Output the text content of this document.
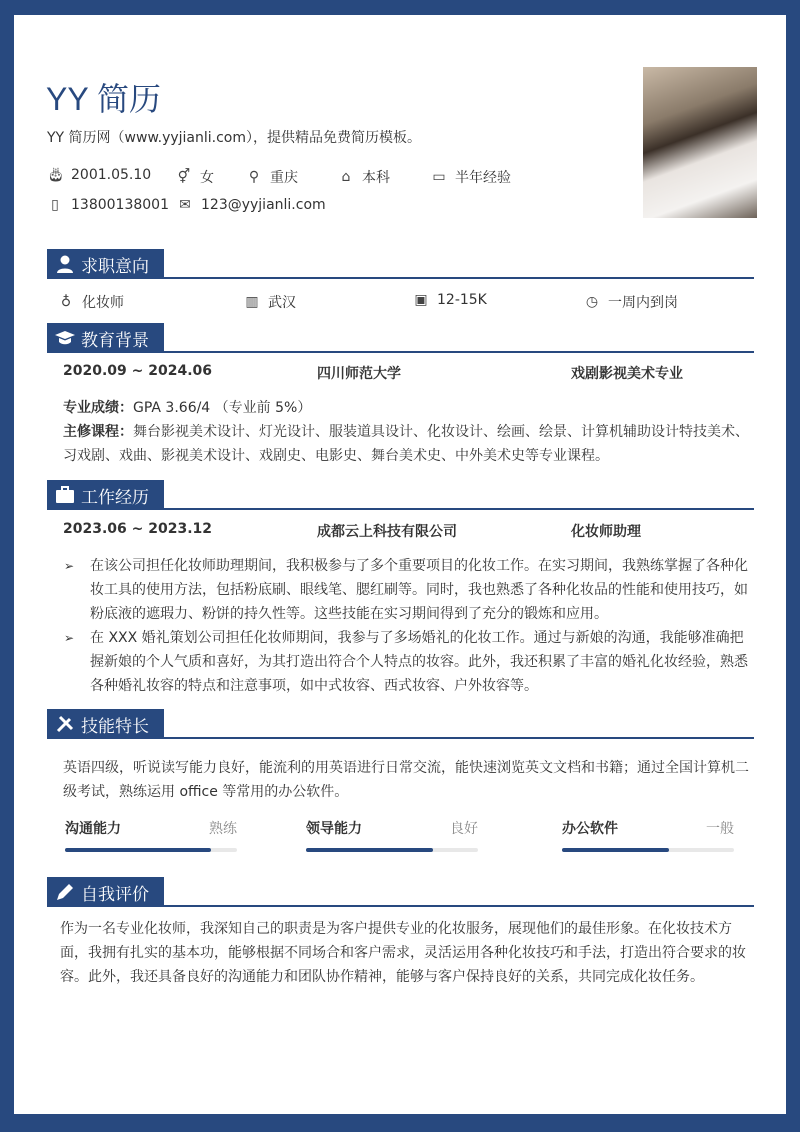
YY 简历
YY 简历网（www.yyjianli.com），提供精品免费简历模板。
🎂︎ 2001.05.10 ⚥ 女 ⚲ 重庆	⌂ 本科	▭ 半年经验
▯ 13800138001 ✉ 123@yyjianli.com
求职意向
♁ 化妆师	▥ 武汉	▣ 12-15K	◷ 一周内到岗
教育背景
2020.09 ~ 2024.06	四川师范大学	戏剧影视美术专业
专业成绩：GPA 3.66/4 （专业前 5%）
主修课程：舞台影视美术设计、灯光设计、服装道具设计、化妆设计、绘画、绘景、计算机辅助设计特技美术、习戏剧、戏曲、影视美术设计、戏剧史、电影史、舞台美术史、中外美术史等专业课程。
工作经历
2023.06 ~ 2023.12	成都云上科技有限公司	化妆师助理
➢ 在该公司担任化妆师助理期间，我积极参与了多个重要项目的化妆工作。在实习期间，我熟练掌握了各种化妆工具的使用方法，包括粉底刷、眼线笔、腮红刷等。同时，我也熟悉了各种化妆品的性能和使用技巧，如粉底液的遮瑕力、粉饼的持久性等。这些技能在实习期间得到了充分的锻炼和应用。
➢ 在 XXX 婚礼策划公司担任化妆师期间，我参与了多场婚礼的化妆工作。通过与新娘的沟通，我能够准确把握新娘的个人气质和喜好，为其打造出符合个人特点的妆容。此外，我还积累了丰富的婚礼化妆经验，熟悉各种婚礼妆容的特点和注意事项，如中式妆容、西式妆容、户外妆容等。
技能特长
英语四级，听说读写能力良好，能流利的用英语进行日常交流，能快速浏览英文文档和书籍；通过全国计算机二级考试，熟练运用 office 等常用的办公软件。
沟通能力	熟练	领导能力	良好	办公软件	一般
自我评价
作为一名专业化妆师，我深知自己的职责是为客户提供专业的化妆服务，展现他们的最佳形象。在化妆技术方面，我拥有扎实的基本功，能够根据不同场合和客户需求，灵活运用各种化妆技巧和手法，打造出符合要求的妆容。此外，我还具备良好的沟通能力和团队协作精神，能够与客户保持良好的关系，共同完成化妆任务。
